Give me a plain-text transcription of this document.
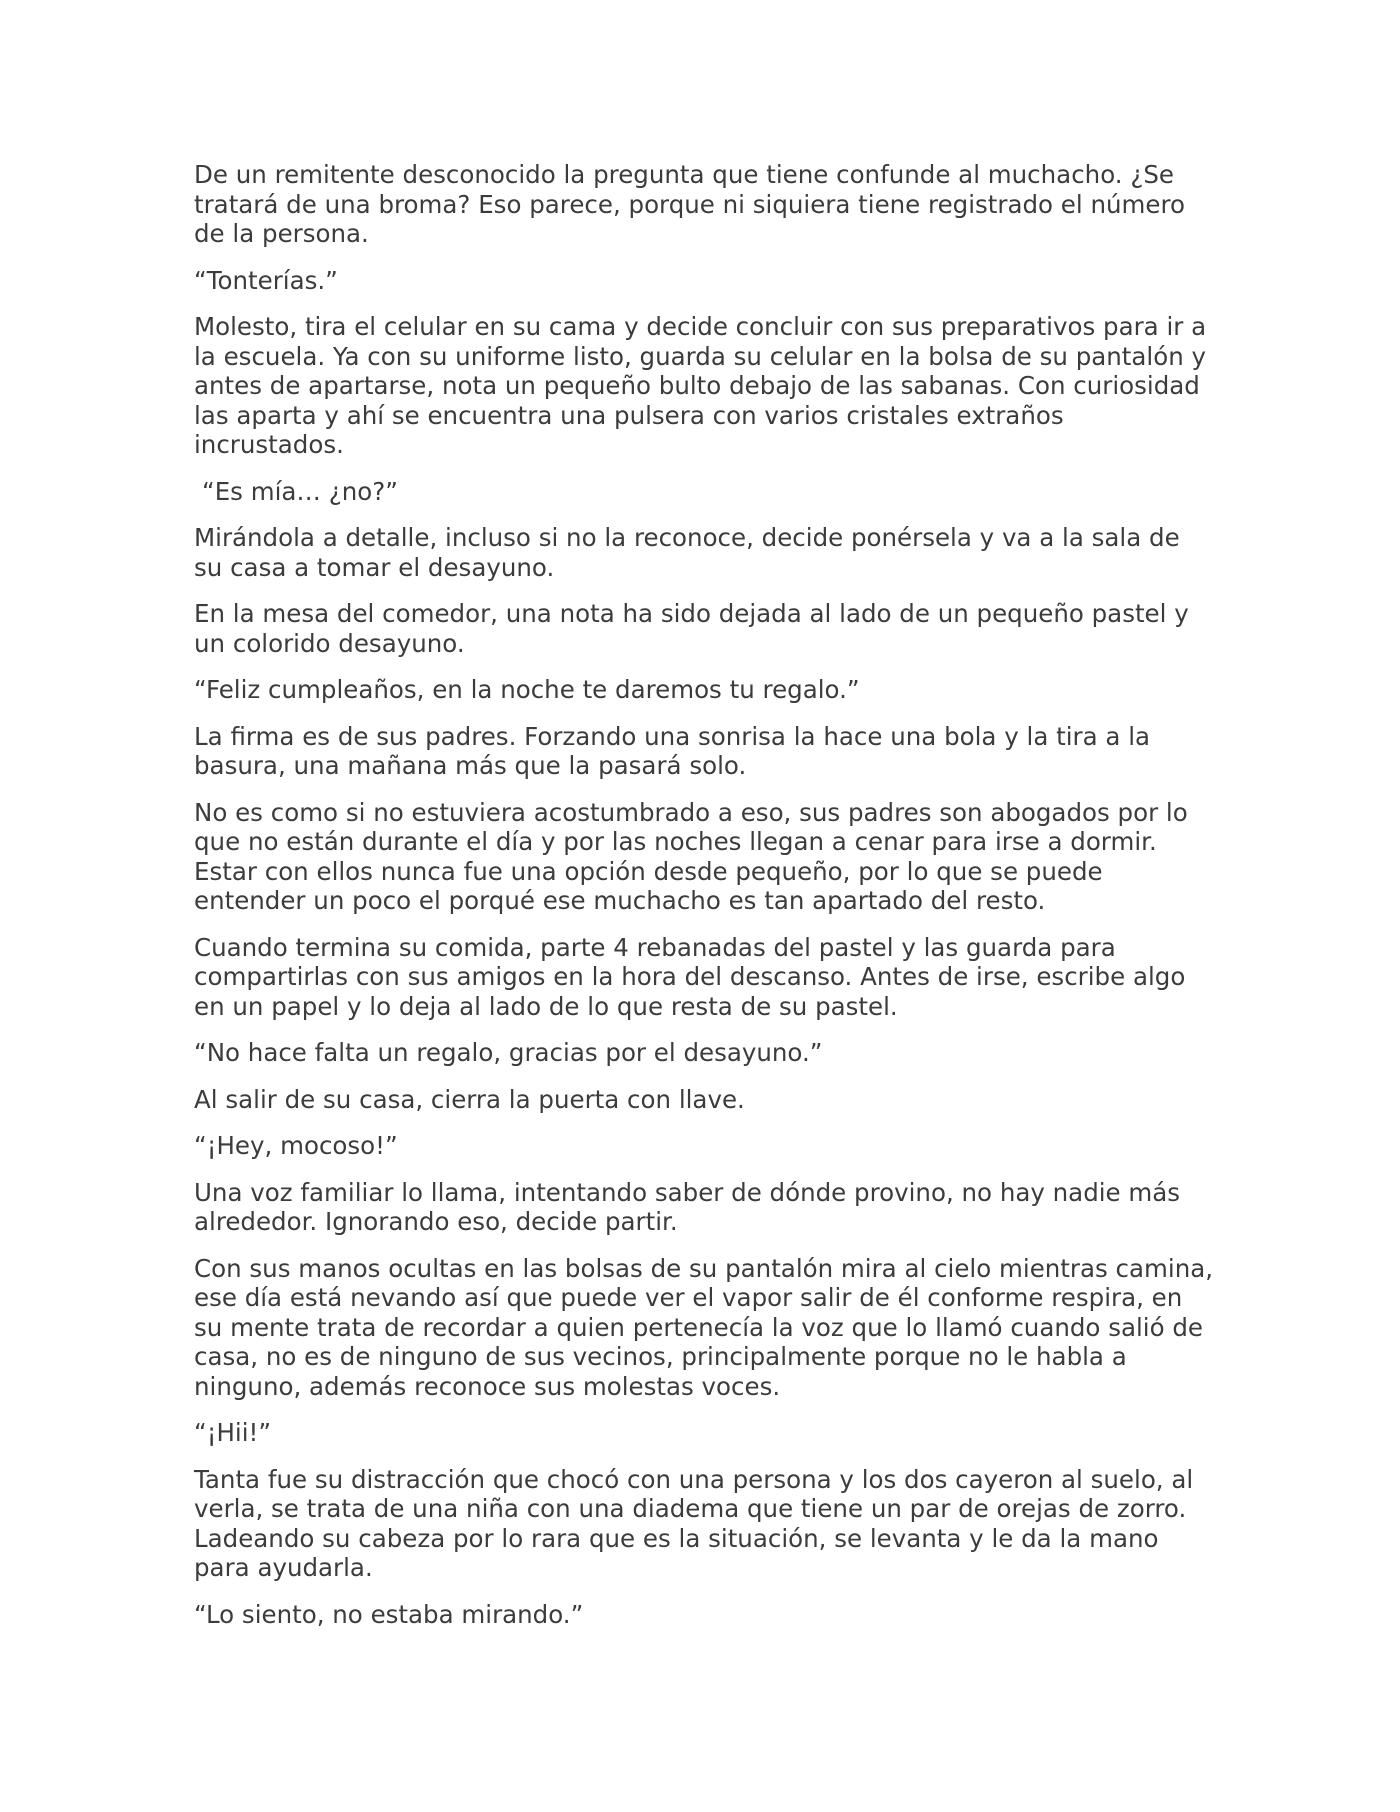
De un remitente desconocido la pregunta que tiene confunde al muchacho. ¿Se tratará de una broma? Eso parece, porque ni siquiera tiene registrado el número de la persona.

“Tonterías.”

Molesto, tira el celular en su cama y decide concluir con sus preparativos para ir a la escuela. Ya con su uniforme listo, guarda su celular en la bolsa de su pantalón y antes de apartarse, nota un pequeño bulto debajo de las sabanas. Con curiosidad las aparta y ahí se encuentra una pulsera con varios cristales extraños incrustados.

“Es mía… ¿no?”

Mirándola a detalle, incluso si no la reconoce, decide ponérsela y va a la sala de su casa a tomar el desayuno.

En la mesa del comedor, una nota ha sido dejada al lado de un pequeño pastel y un colorido desayuno.

“Feliz cumpleaños, en la noche te daremos tu regalo.”

La firma es de sus padres. Forzando una sonrisa la hace una bola y la tira a la basura, una mañana más que la pasará solo.

No es como si no estuviera acostumbrado a eso, sus padres son abogados por lo que no están durante el día y por las noches llegan a cenar para irse a dormir. Estar con ellos nunca fue una opción desde pequeño, por lo que se puede entender un poco el porqué ese muchacho es tan apartado del resto.

Cuando termina su comida, parte 4 rebanadas del pastel y las guarda para compartirlas con sus amigos en la hora del descanso. Antes de irse, escribe algo en un papel y lo deja al lado de lo que resta de su pastel.

“No hace falta un regalo, gracias por el desayuno.”

Al salir de su casa, cierra la puerta con llave.

“¡Hey, mocoso!”

Una voz familiar lo llama, intentando saber de dónde provino, no hay nadie más alrededor. Ignorando eso, decide partir.

Con sus manos ocultas en las bolsas de su pantalón mira al cielo mientras camina, ese día está nevando así que puede ver el vapor salir de él conforme respira, en su mente trata de recordar a quien pertenecía la voz que lo llamó cuando salió de casa, no es de ninguno de sus vecinos, principalmente porque no le habla a ninguno, además reconoce sus molestas voces.

“¡Hii!”

Tanta fue su distracción que chocó con una persona y los dos cayeron al suelo, al verla, se trata de una niña con una diadema que tiene un par de orejas de zorro. Ladeando su cabeza por lo rara que es la situación, se levanta y le da la mano para ayudarla.

“Lo siento, no estaba mirando.”
